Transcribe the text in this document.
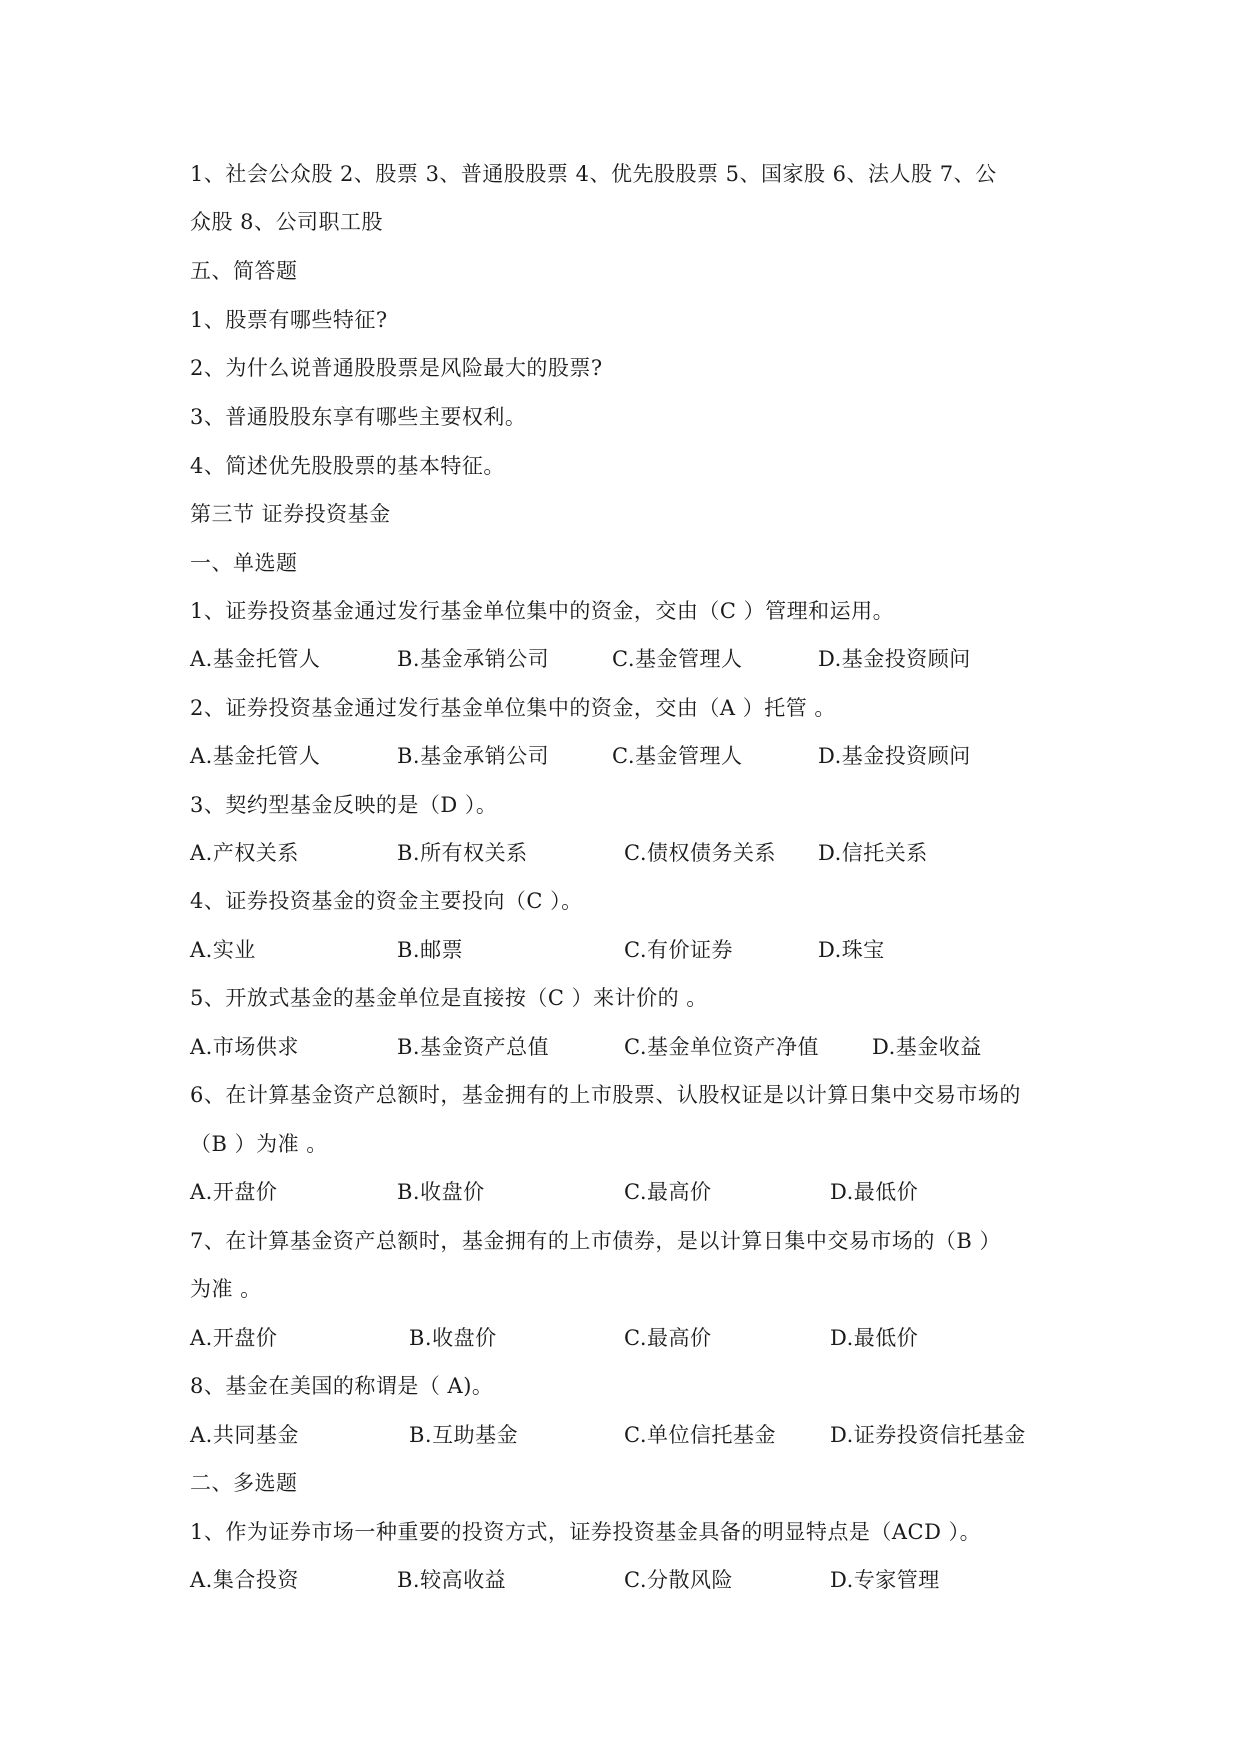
1、社会公众股 2、股票 3、普通股股票 4、优先股股票 5、国家股 6、法人股 7、公
众股 8、公司职工股
五、简答题
1、股票有哪些特征?
2、为什么说普通股股票是风险最大的股票?
3、普通股股东享有哪些主要权利。
4、简述优先股股票的基本特征。
第三节 证券投资基金
一、单选题
1、证券投资基金通过发行基金单位集中的资金，交由（C ）管理和运用。
A.基金托管人	B.基金承销公司	C.基金管理人	D.基金投资顾问
2、证券投资基金通过发行基金单位集中的资金，交由（A ）托管 。
A.基金托管人	B.基金承销公司	C.基金管理人	D.基金投资顾问
3、契约型基金反映的是（D ）。
A.产权关系	B.所有权关系	C.债权债务关系 D.信托关系
4、证券投资基金的资金主要投向（C ）。
A.实业	B.邮票	C.有价证券	D.珠宝
5、开放式基金的基金单位是直接按（C ）来计价的 。
A.市场供求	B.基金资产总值	C.基金单位资产净值	D.基金收益
6、在计算基金资产总额时，基金拥有的上市股票、认股权证是以计算日集中交易市场的
（B ）为准 。
A.开盘价	B.收盘价	C.最高价	D.最低价
7、在计算基金资产总额时，基金拥有的上市债券，是以计算日集中交易市场的（B ）
为准 。
A.开盘价	B.收盘价	C.最高价	D.最低价
8、基金在美国的称谓是（ A)。
A.共同基金	B.互助基金	C.单位信托基金	D.证券投资信托基金
二、多选题
1、作为证券市场一种重要的投资方式，证券投资基金具备的明显特点是（ACD ）。
A.集合投资	B.较高收益	C.分散风险	D.专家管理
